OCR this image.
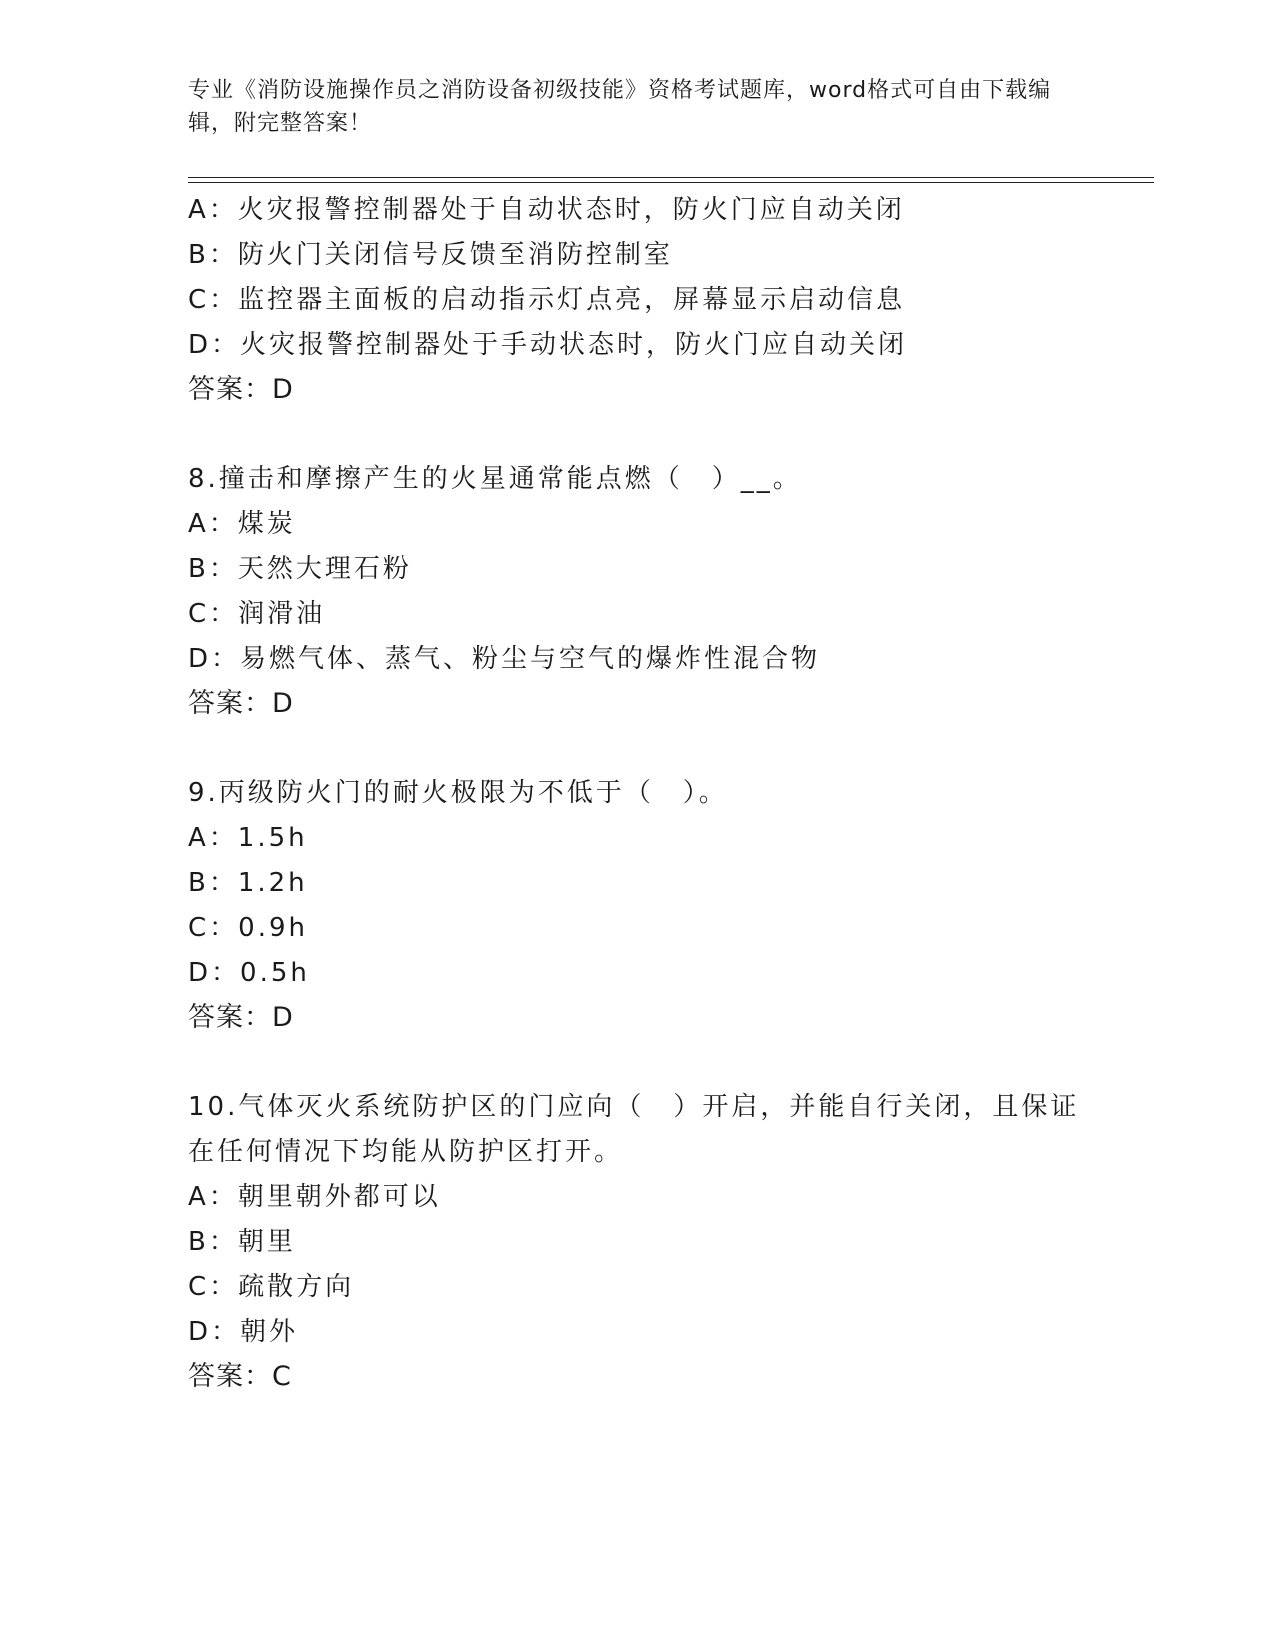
专业《消防设施操作员之消防设备初级技能》资格考试题库，word格式可自由下载编辑，附完整答案！
A：火灾报警控制器处于自动状态时，防火门应自动关闭
B：防火门关闭信号反馈至消防控制室
C：监控器主面板的启动指示灯点亮，屏幕显示启动信息
D：火灾报警控制器处于手动状态时，防火门应自动关闭
答案：D
8.撞击和摩擦产生的火星通常能点燃（　）__。
A：煤炭
B：天然大理石粉
C：润滑油
D：易燃气体、蒸气、粉尘与空气的爆炸性混合物
答案：D
9.丙级防火门的耐火极限为不低于（　）。
A：1.5h
B：1.2h
C：0.9h
D：0.5h
答案：D
10.气体灭火系统防护区的门应向（　）开启，并能自行关闭，且保证
在任何情况下均能从防护区打开。
A：朝里朝外都可以
B：朝里
C：疏散方向
D：朝外
答案：C
